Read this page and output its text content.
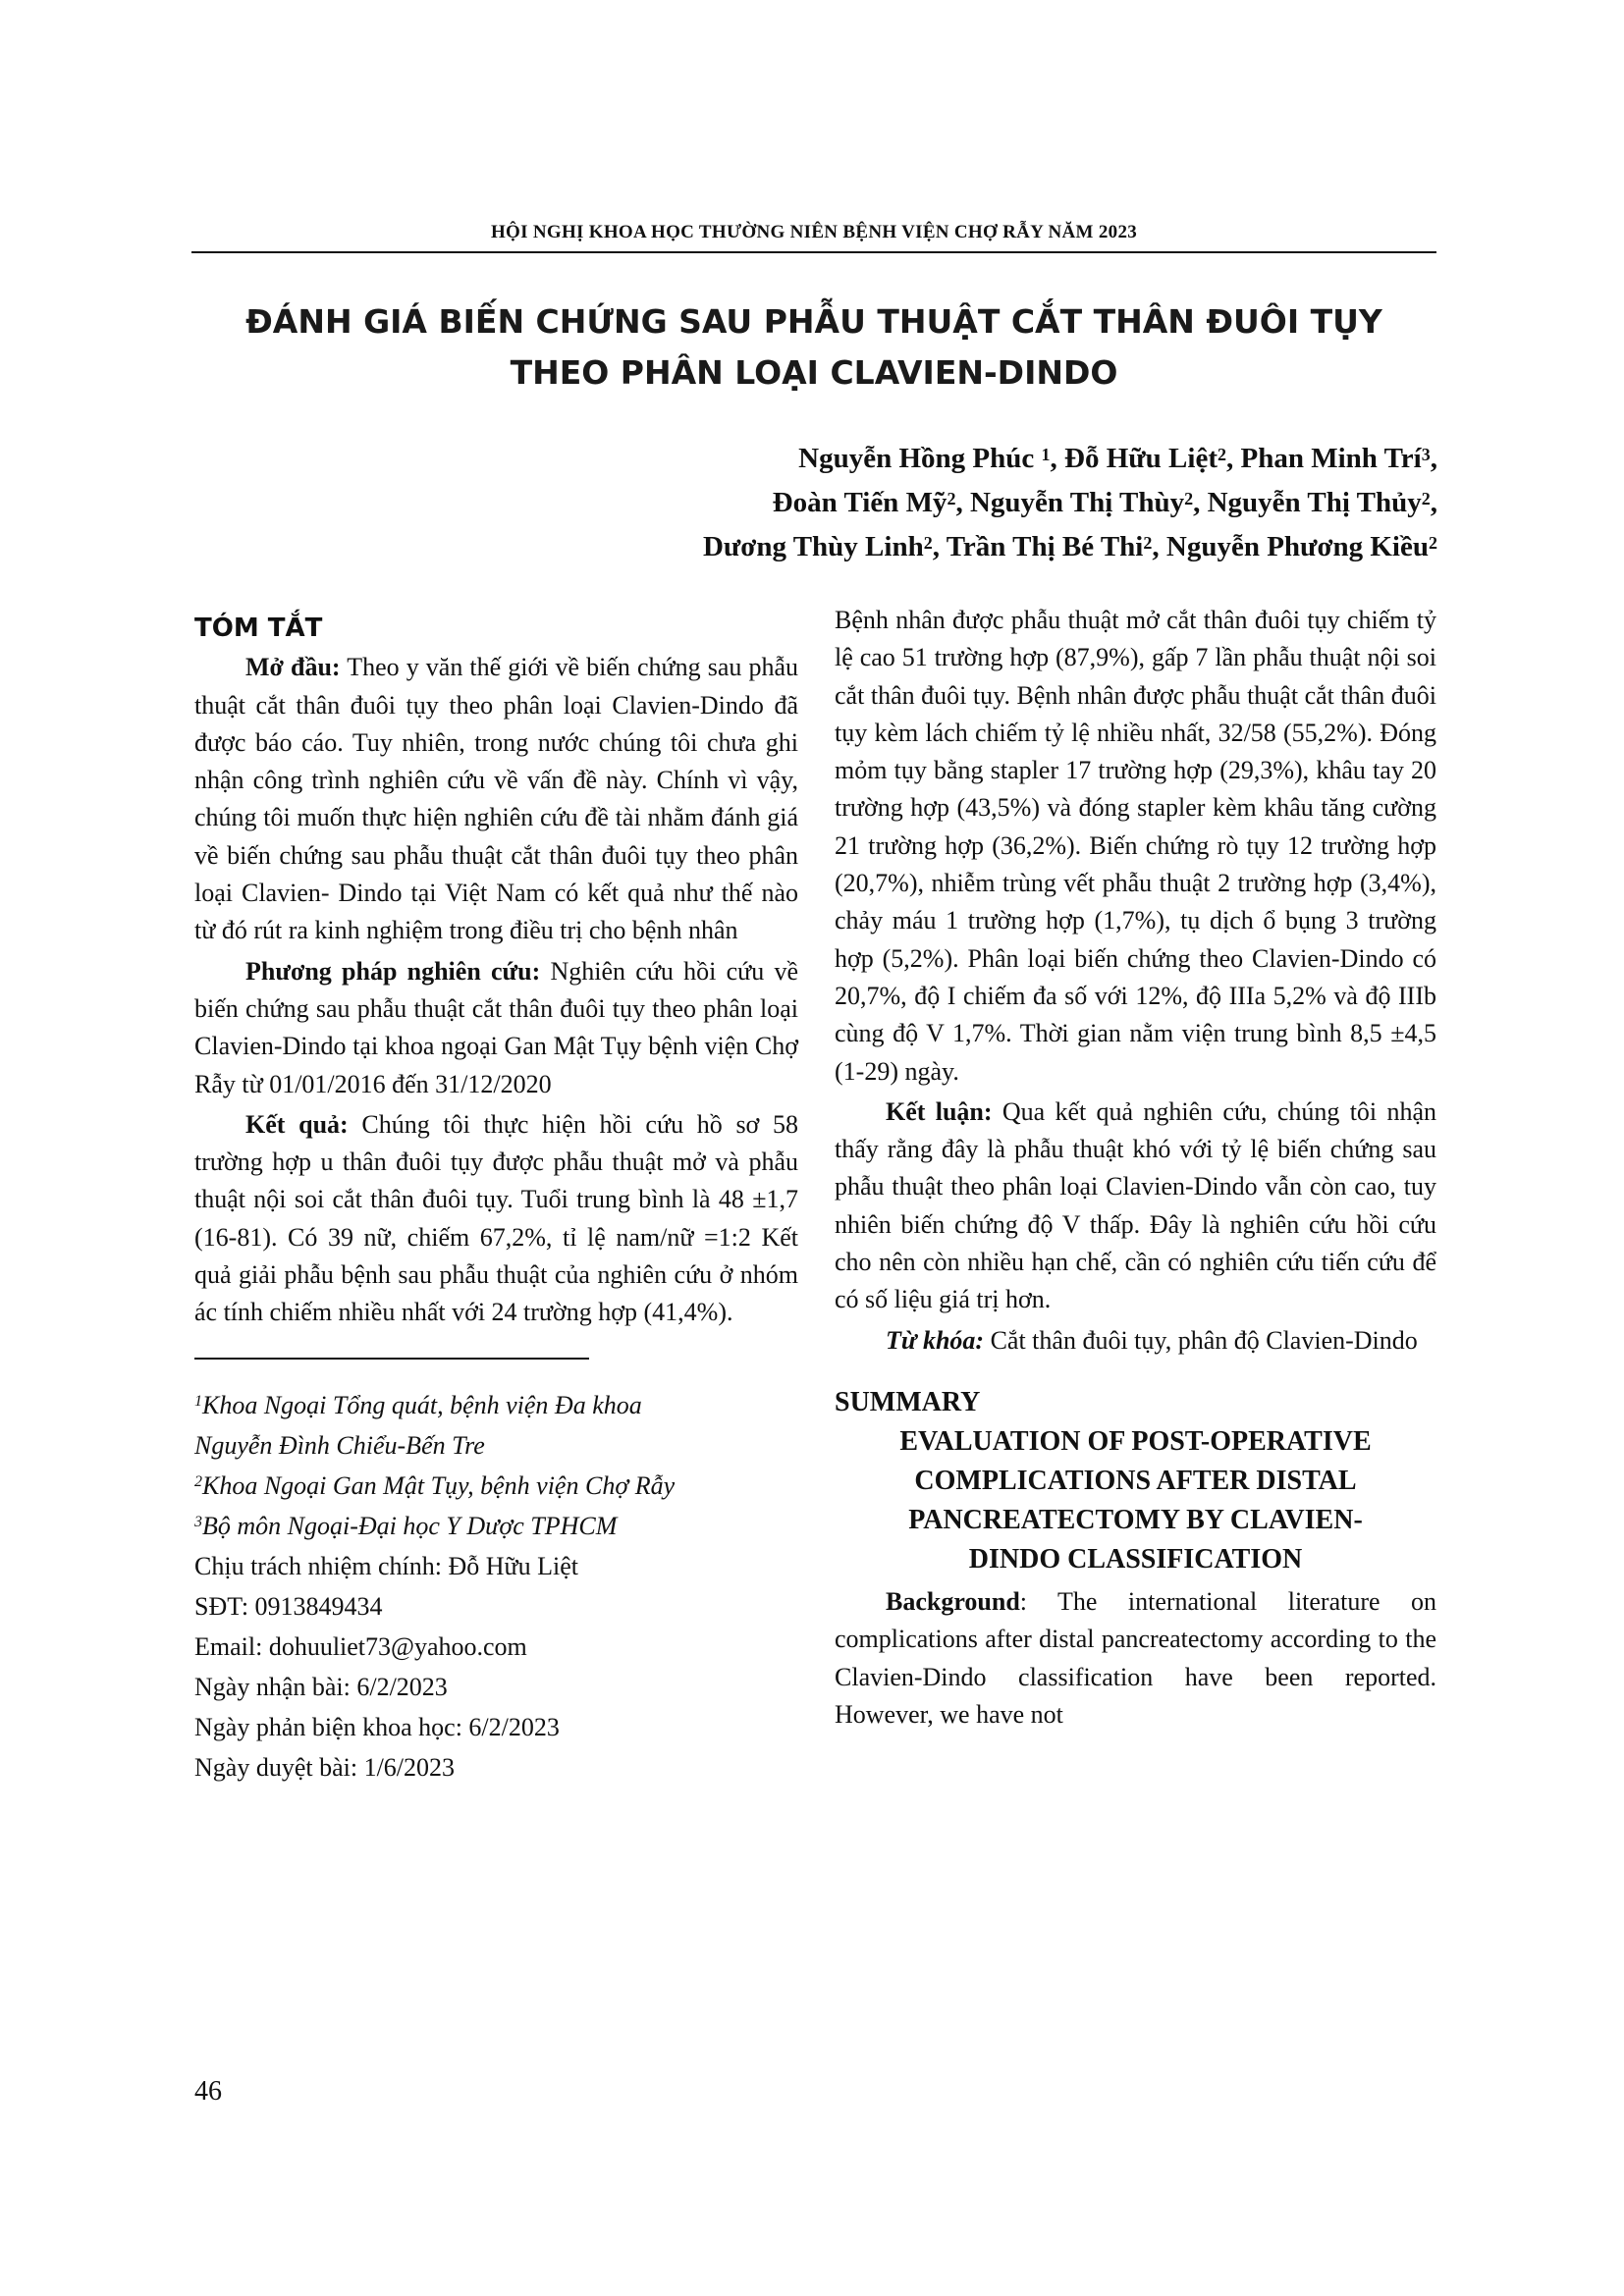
HỘI NGHỊ KHOA HỌC THƯỜNG NIÊN BỆNH VIỆN CHỢ RẪY NĂM 2023
ĐÁNH GIÁ BIẾN CHỨNG SAU PHẪU THUẬT CẮT THÂN ĐUÔI TỤY
THEO PHÂN LOẠI CLAVIEN-DINDO
Nguyễn Hồng Phúc $^1$, Đỗ Hữu Liệt$^2$, Phan Minh Trí$^3$,
Đoàn Tiến Mỹ$^2$, Nguyễn Thị Thùy$^2$, Nguyễn Thị Thủy$^2$,
Dương Thùy Linh$^2$, Trần Thị Bé Thi$^2$, Nguyễn Phương Kiều$^2$
TÓM TẮT

Mở đầu: Theo y văn thế giới về biến chứng sau phẫu thuật cắt thân đuôi tụy theo phân loại Clavien-Dindo đã được báo cáo. Tuy nhiên, trong nước chúng tôi chưa ghi nhận công trình nghiên cứu về vấn đề này. Chính vì vậy, chúng tôi muốn thực hiện nghiên cứu đề tài nhằm đánh giá về biến chứng sau phẫu thuật cắt thân đuôi tụy theo phân loại Clavien- Dindo tại Việt Nam có kết quả như thế nào từ đó rút ra kinh nghiệm trong điều trị cho bệnh nhân

Phương pháp nghiên cứu: Nghiên cứu hồi cứu về biến chứng sau phẫu thuật cắt thân đuôi tụy theo phân loại Clavien-Dindo tại khoa ngoại Gan Mật Tụy bệnh viện Chợ Rẫy từ 01/01/2016 đến 31/12/2020

Kết quả: Chúng tôi thực hiện hồi cứu hồ sơ 58 trường hợp u thân đuôi tụy được phẫu thuật mở và phẫu thuật nội soi cắt thân đuôi tụy. Tuổi trung bình là 48 ±1,7 (16-81). Có 39 nữ, chiếm 67,2%, tỉ lệ nam/nữ =1:2 Kết quả giải phẫu bệnh sau phẫu thuật của nghiên cứu ở nhóm ác tính chiếm nhiều nhất với 24 trường hợp (41,4%).

$^1$Khoa Ngoại Tổng quát, bệnh viện Đa khoa

Nguyễn Đình Chiểu-Bến Tre

$^2$Khoa Ngoại Gan Mật Tụy, bệnh viện Chợ Rẫy

$^3$Bộ môn Ngoại-Đại học Y Dược TPHCM

Chịu trách nhiệm chính: Đỗ Hữu Liệt

SĐT: 0913849434

Email: dohuuliet73@yahoo.com

Ngày nhận bài: 6/2/2023

Ngày phản biện khoa học: 6/2/2023

Ngày duyệt bài: 1/6/2023

Bệnh nhân được phẫu thuật mở cắt thân đuôi tụy chiếm tỷ lệ cao 51 trường hợp (87,9%), gấp 7 lần phẫu thuật nội soi cắt thân đuôi tụy. Bệnh nhân được phẫu thuật cắt thân đuôi tụy kèm lách chiếm tỷ lệ nhiều nhất, 32/58 (55,2%). Đóng mỏm tụy bằng stapler 17 trường hợp (29,3%), khâu tay 20 trường hợp (43,5%) và đóng stapler kèm khâu tăng cường 21 trường hợp (36,2%). Biến chứng rò tụy 12 trường hợp (20,7%), nhiễm trùng vết phẫu thuật 2 trường hợp (3,4%), chảy máu 1 trường hợp (1,7%), tụ dịch ổ bụng 3 trường hợp (5,2%). Phân loại biến chứng theo Clavien-Dindo có 20,7%, độ I chiếm đa số với 12%, độ IIIa 5,2% và độ IIIb cùng độ V 1,7%. Thời gian nằm viện trung bình 8,5 ±4,5 (1-29) ngày.

Kết luận: Qua kết quả nghiên cứu, chúng tôi nhận thấy rằng đây là phẫu thuật khó với tỷ lệ biến chứng sau phẫu thuật theo phân loại Clavien-Dindo vẫn còn cao, tuy nhiên biến chứng độ V thấp. Đây là nghiên cứu hồi cứu cho nên còn nhiều hạn chế, cần có nghiên cứu tiến cứu để có số liệu giá trị hơn.

Từ khóa: Cắt thân đuôi tụy, phân độ Clavien-Dindo

SUMMARY
EVALUATION OF POST-OPERATIVE
COMPLICATIONS AFTER DISTAL
PANCREATECTOMY BY CLAVIEN-
DINDO CLASSIFICATION

Background: The international literature on complications after distal pancreatectomy according to the Clavien-Dindo classification have been reported. However, we have not

46
